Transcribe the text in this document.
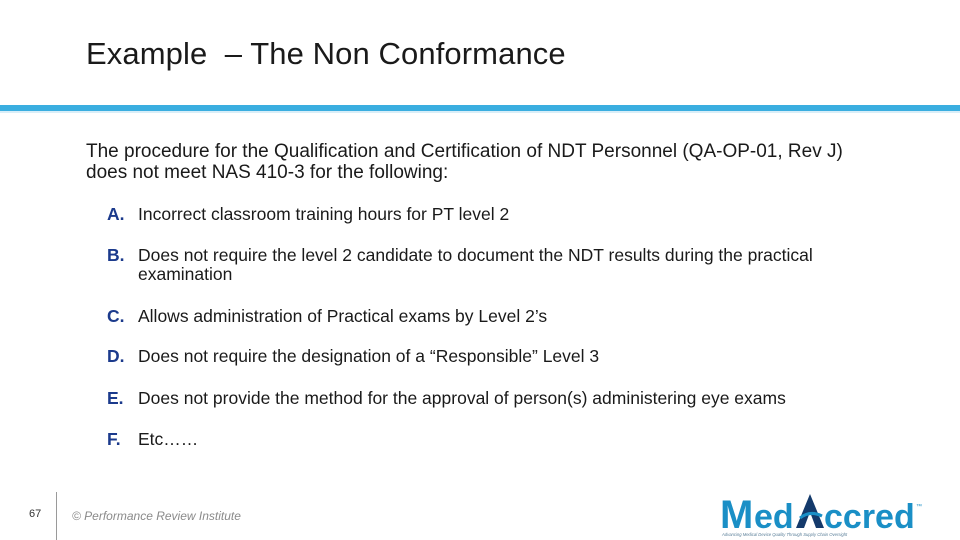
Example  – The Non Conformance
The procedure for the Qualification and Certification of NDT Personnel (QA-OP-01, Rev J) does not meet NAS 410-3 for the following:
A. Incorrect classroom training hours for PT level 2
B. Does not require the level 2 candidate to document the NDT results during the practical examination
C. Allows administration of Practical exams by Level 2’s
D. Does not require the designation of a “Responsible” Level 3
E. Does not provide the method for the approval of person(s) administering eye exams
F. Etc……
67	© Performance Review Institute	M ed ccred ™
Advancing Medical Device Quality Through Supply Chain Oversight
